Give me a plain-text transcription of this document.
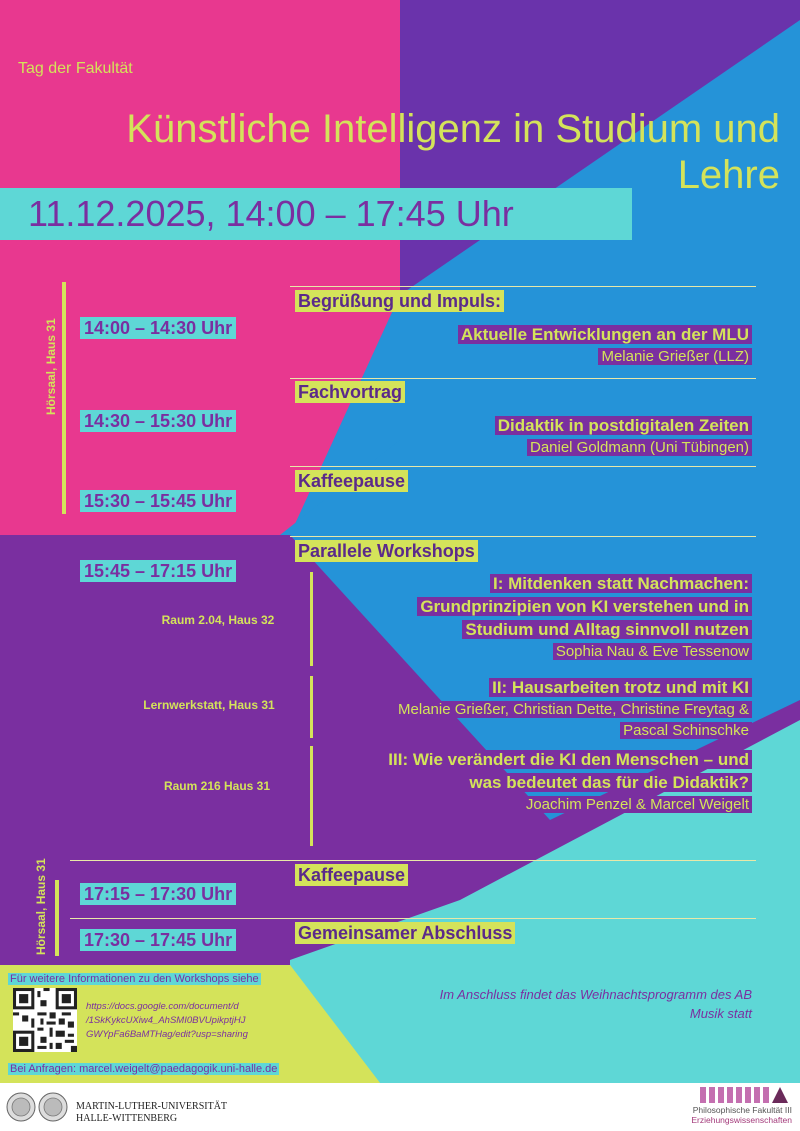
Tag der Fakultät
Künstliche Intelligenz in Studium und Lehre
11.12.2025, 14:00 – 17:45 Uhr
Hörsaal, Haus 31 14:00 – 14:30 Uhr
Begrüßung und Impuls:
Aktuelle Entwicklungen an der MLU
Melanie Grießer (LLZ)
14:30 – 15:30 Uhr
Fachvortrag
Didaktik in postdigitalen Zeiten
Daniel Goldmann (Uni Tübingen)
15:30 – 15:45 Uhr
Kaffeepause
15:45 – 17:15 Uhr
Parallele Workshops
Raum 2.04, Haus 32
I: Mitdenken statt Nachmachen:
Grundprinzipien von KI verstehen und in
Studium und Alltag sinnvoll nutzen
Sophia Nau & Eve Tessenow
Lernwerkstatt, Haus 31
II: Hausarbeiten trotz und mit KI
Melanie Grießer, Christian Dette, Christine Freytag &
Pascal Schinschke
Raum 216 Haus 31
III: Wie verändert die KI den Menschen – und
was bedeutet das für die Didaktik?
Joachim Penzel & Marcel Weigelt
Hörsaal, Haus 31	Kaffeepause
17:15 – 17:30 Uhr
Gemeinsamer Abschluss
17:30 – 17:45 Uhr
Für weitere Informationen zu den Workshops siehe
https://docs.google.com/document/d
/1SkKykcUXiw4_AhSMI0BVUpikptjHJ
GWYpFa6BaMTHag/edit?usp=sharing
Bei Anfragen: marcel.weigelt@paedagogik.uni-halle.de
Im Anschluss findet das Weihnachtsprogramm des AB
Musik statt
MARTIN-LUTHER-UNIVERSITÄT
HALLE-WITTENBERG
Philosophische Fakultät III
Erziehungswissenschaften
